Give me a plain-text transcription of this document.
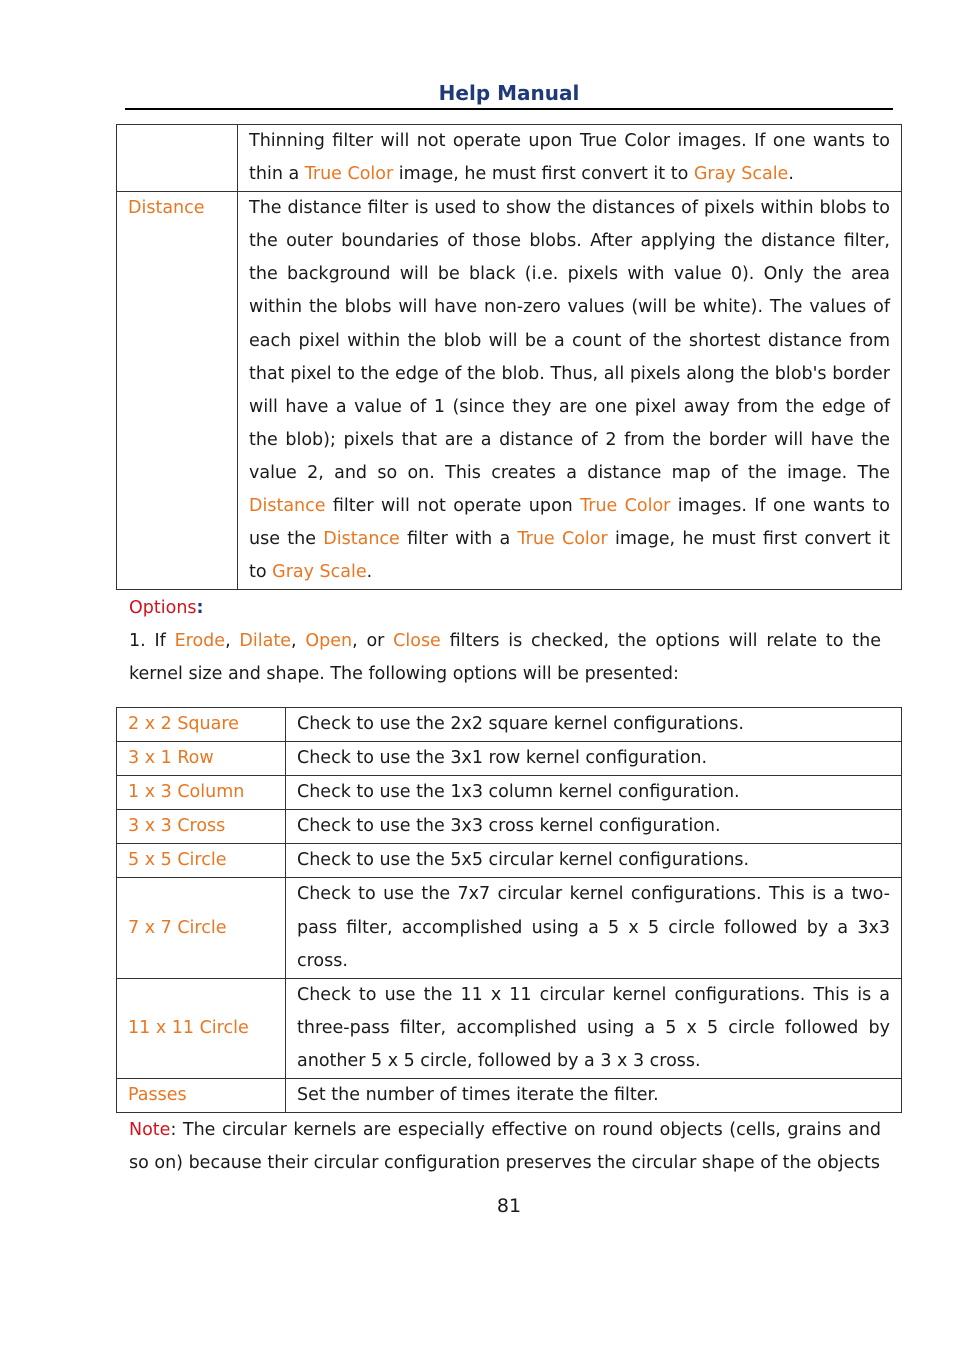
Help Manual
	Thinning filter will not operate upon True Color images. If one wants to thin a True Color image, he must first convert it to Gray Scale.
Distance	The distance filter is used to show the distances of pixels within blobs to the outer boundaries of those blobs. After applying the distance filter, the background will be black (i.e. pixels with value 0). Only the area within the blobs will have non-zero values (will be white). The values of each pixel within the blob will be a count of the shortest distance from that pixel to the edge of the blob. Thus, all pixels along the blob's border will have a value of 1 (since they are one pixel away from the edge of the blob); pixels that are a distance of 2 from the border will have the value 2, and so on. This creates a distance map of the image. The Distance filter will not operate upon True Color images. If one wants to use the Distance filter with a True Color image, he must first convert it to Gray Scale.
Options:
1. If Erode, Dilate, Open, or Close filters is checked, the options will relate to the kernel size and shape. The following options will be presented:
2 x 2 Square	Check to use the 2x2 square kernel configurations.
3 x 1 Row	Check to use the 3x1 row kernel configuration.
1 x 3 Column	Check to use the 1x3 column kernel configuration.
3 x 3 Cross	Check to use the 3x3 cross kernel configuration.
5 x 5 Circle	Check to use the 5x5 circular kernel configurations.
7 x 7 Circle	Check to use the 7x7 circular kernel configurations. This is a two-pass filter, accomplished using a 5 x 5 circle followed by a 3x3 cross.
11 x 11 Circle	Check to use the 11 x 11 circular kernel configurations. This is a three-pass filter, accomplished using a 5 x 5 circle followed by another 5 x 5 circle, followed by a 3 x 3 cross.
Passes	Set the number of times iterate the filter.
Note: The circular kernels are especially effective on round objects (cells, grains and so on) because their circular configuration preserves the circular shape of the objects
81
